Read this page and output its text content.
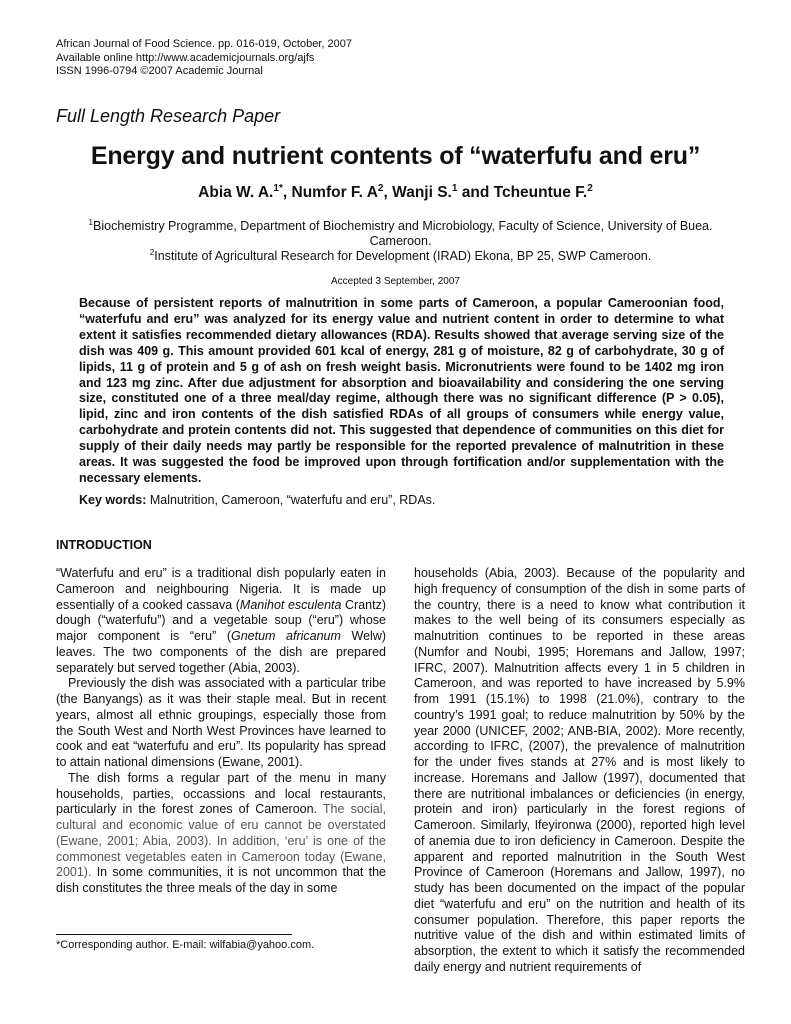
African Journal of Food Science. pp. 016-019, October, 2007
Available online http://www.academicjournals.org/ajfs
ISSN 1996-0794 ©2007 Academic Journal
Full Length Research Paper
Energy and nutrient contents of “waterfufu and eru”
Abia W. A.$^{1*}$, Numfor F. $A^2$, Wanji S.$^1$ and Tcheuntue F.$^2$
$^1$Biochemistry Programme, Department of Biochemistry and Microbiology, Faculty of Science, University of Buea. Cameroon.
$^2$Institute of Agricultural Research for Development (IRAD) Ekona, BP 25, SWP Cameroon.
Accepted 3 September, 2007
Because of persistent reports of malnutrition in some parts of Cameroon, a popular Cameroonian food, “waterfufu and eru” was analyzed for its energy value and nutrient content in order to determine to what extent it satisfies recommended dietary allowances (RDA). Results showed that average serving size of the dish was 409 g. This amount provided 601 kcal of energy, 281 g of moisture, 82 g of carbohydrate, 30 g of lipids, 11 g of protein and 5 g of ash on fresh weight basis. Micronutrients were found to be 1402 mg iron and 123 mg zinc. After due adjustment for absorption and bioavailability and considering the one serving size, constituted one of a three meal/day regime, although there was no significant difference (P > 0.05), lipid, zinc and iron contents of the dish satisfied RDAs of all groups of consumers while energy value, carbohydrate and protein contents did not. This suggested that dependence of communities on this diet for supply of their daily needs may partly be responsible for the reported prevalence of malnutrition in these areas. It was suggested the food be improved upon through fortification and/or supplementation with the necessary elements.
Key words: Malnutrition, Cameroon, “waterfufu and eru”, RDAs.
INTRODUCTION

“Waterfufu and eru” is a traditional dish popularly eaten in Cameroon and neighbouring Nigeria. It is made up essentially of a cooked cassava (Manihot esculenta Crantz) dough (“waterfufu”) and a vegetable soup (“eru”) whose major component is “eru” (Gnetum africanum Welw) leaves. The two components of the dish are prepared separately but served together (Abia, 2003).

Previously the dish was associated with a particular tribe (the Banyangs) as it was their staple meal. But in recent years, almost all ethnic groupings, especially those from the South West and North West Provinces have learned to cook and eat “waterfufu and eru”. Its popularity has spread to attain national dimensions (Ewane, 2001).

The dish forms a regular part of the menu in many households, parties, occassions and local restaurants, particularly in the forest zones of Cameroon. The social, cultural and economic value of eru cannot be overstated (Ewane, 2001; Abia, 2003). In addition, ‘eru’ is one of the commonest vegetables eaten in Cameroon today (Ewane, 2001). In some communities, it is not uncommon that the dish constitutes the three meals of the day in some

households (Abia, 2003). Because of the popularity and high frequency of consumption of the dish in some parts of the country, there is a need to know what contribution it makes to the well being of its consumers especially as malnutrition continues to be reported in these areas (Numfor and Noubi, 1995; Horemans and Jallow, 1997; IFRC, 2007). Malnutrition affects every 1 in 5 children in Cameroon, and was reported to have increased by 5.9% from 1991 (15.1%) to 1998 (21.0%), contrary to the country’s 1991 goal; to reduce malnutrition by 50% by the year 2000 (UNICEF, 2002; ANB-BIA, 2002). More recently, according to IFRC, (2007), the prevalence of malnutrition for the under fives stands at 27% and is most likely to increase. Horemans and Jallow (1997), documented that there are nutritional imbalances or deficiencies (in energy, protein and iron) particularly in the forest regions of Cameroon. Similarly, Ifeyironwa (2000), reported high level of anemia due to iron deficiency in Cameroon. Despite the apparent and reported malnutrition in the South West Province of Cameroon (Horemans and Jallow, 1997), no study has been documented on the impact of the popular diet “waterfufu and eru” on the nutrition and health of its consumer population. Therefore, this paper reports the nutritive value of the dish and within estimated limits of absorption, the extent to which it satisfy the recommended daily energy and nutrient requirements of

*Corresponding author. E-mail: wilfabia@yahoo.com.
